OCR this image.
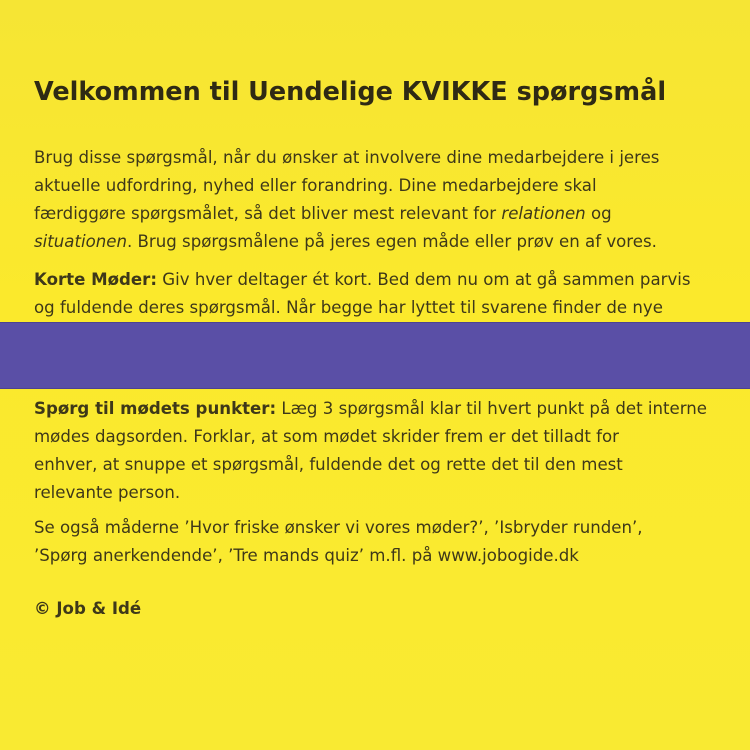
Velkommen til Uendelige KVIKKE spørgsmål

Brug disse spørgsmål, når du ønsker at involvere dine medarbejdere i jeres
aktuelle udfordring, nyhed eller forandring. Dine medarbejdere skal
færdiggøre spørgsmålet, så det bliver mest relevant for relationen og
situationen. Brug spørgsmålene på jeres egen måde eller prøv en af vores.

Korte Møder: Giv hver deltager ét kort. Bed dem nu om at gå sammen parvis
og fuldende deres spørgsmål. Når begge har lyttet til svarene finder de nye

Spørg til mødets punkter: Læg 3 spørgsmål klar til hvert punkt på det interne
mødes dagsorden. Forklar, at som mødet skrider frem er det tilladt for
enhver, at snuppe et spørgsmål, fuldende det og rette det til den mest
relevante person.

Se også måderne ’Hvor friske ønsker vi vores møder?’, ’Isbryder runden’,
’Spørg anerkendende’, ’Tre mands quiz’ m.fl. på www.jobogide.dk

© Job & Idé
